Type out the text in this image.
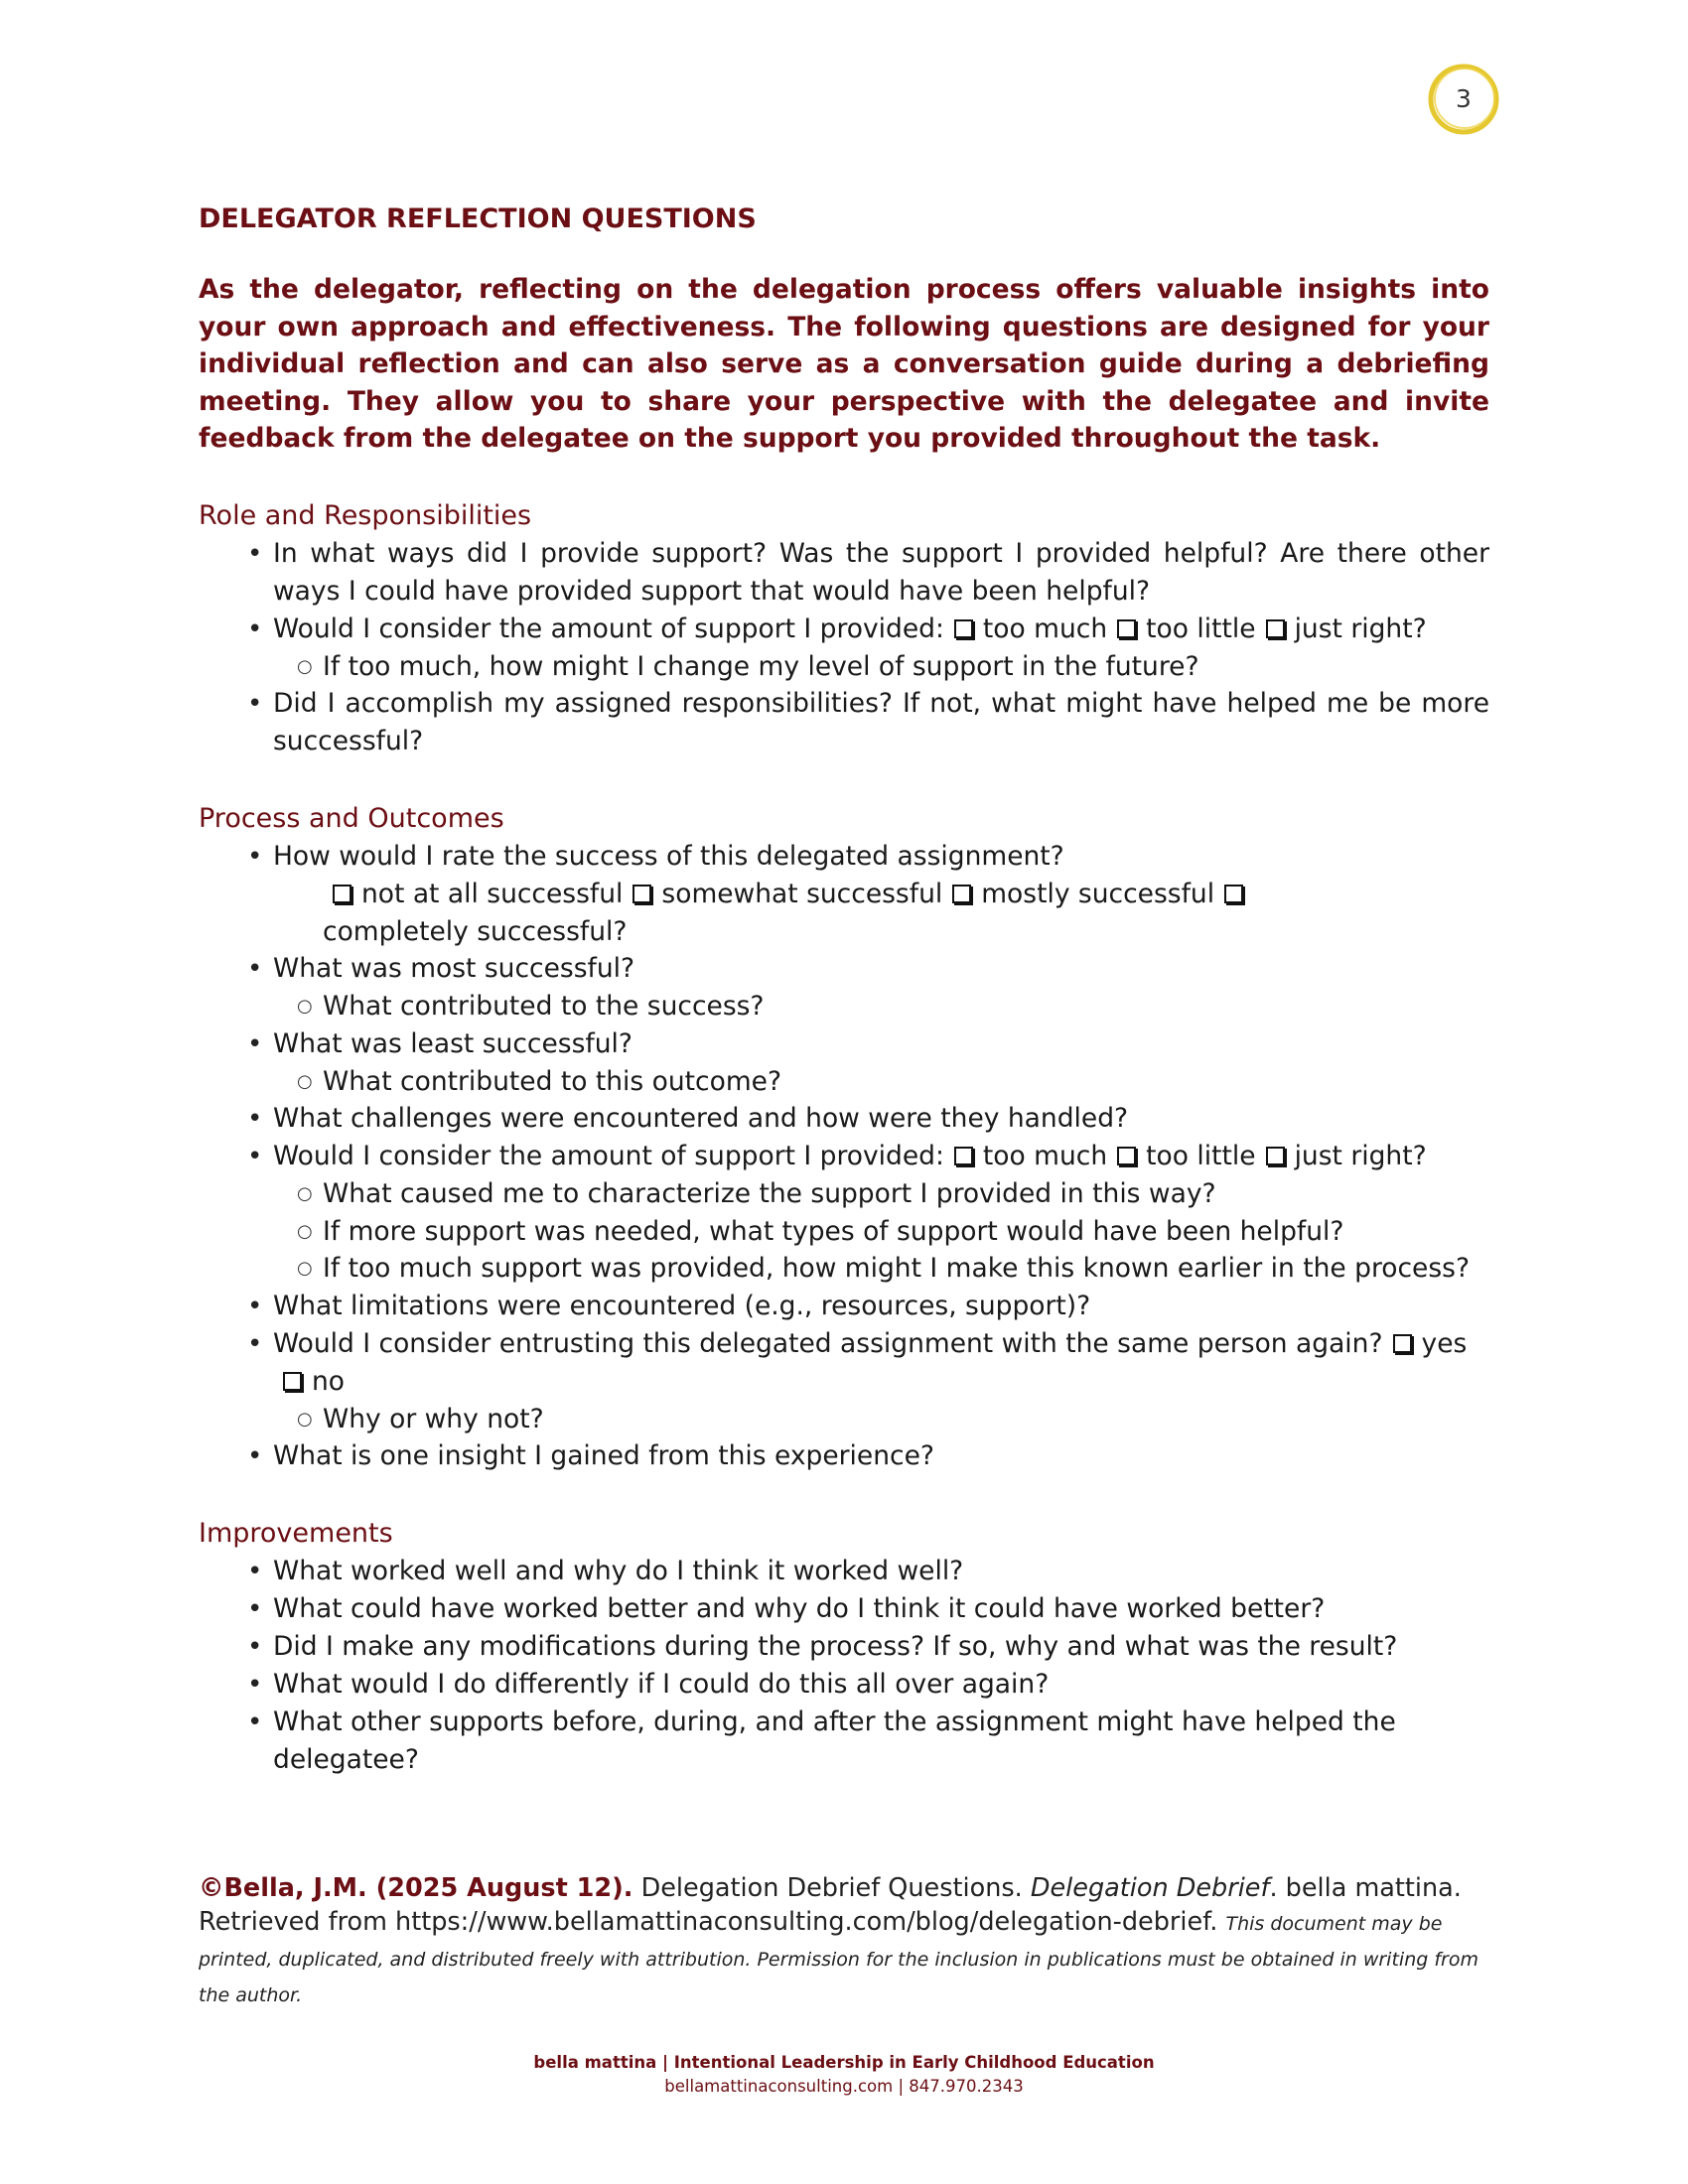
3
DELEGATOR REFLECTION QUESTIONS
As the delegator, reflecting on the delegation process offers valuable insights into your own approach and effectiveness. The following questions are designed for your individual reflection and can also serve as a conversation guide during a debriefing meeting. They allow you to share your perspective with the delegatee and invite feedback from the delegatee on the support you provided throughout the task.
Role and Responsibilities
• In what ways did I provide support? Was the support I provided helpful? Are there other ways I could have provided support that would have been helpful?
• Would I consider the amount of support I provided: too much too little just right?
○ If too much, how might I change my level of support in the future?
• Did I accomplish my assigned responsibilities? If not, what might have helped me be more successful?
Process and Outcomes
• How would I rate the success of this delegated assignment?
not at all successful somewhat successful mostly successfulcompletely successful?
• What was most successful?
○ What contributed to the success?
• What was least successful?
○ What contributed to this outcome?
• What challenges were encountered and how were they handled?
• Would I consider the amount of support I provided: too much too little just right?
○ What caused me to characterize the support I provided in this way?
○ If more support was needed, what types of support would have been helpful?
○ If too much support was provided, how might I make this known earlier in the process?
• What limitations were encountered (e.g., resources, support)?
• Would I consider entrusting this delegated assignment with the same person again? yesno
○ Why or why not?
• What is one insight I gained from this experience?
Improvements
• What worked well and why do I think it worked well?
• What could have worked better and why do I think it could have worked better?
• Did I make any modifications during the process? If so, why and what was the result?
• What would I do differently if I could do this all over again?
• What other supports before, during, and after the assignment might have helped the delegatee?
©Bella, J.M. (2025 August 12). Delegation Debrief Questions. Delegation Debrief. bella mattina. Retrieved from https://www.bellamattinaconsulting.com/blog/delegation-debrief. This document may be printed, duplicated, and distributed freely with attribution. Permission for the inclusion in publications must be obtained in writing from the author.
bella mattina | Intentional Leadership in Early Childhood Education
bellamattinaconsulting.com | 847.970.2343
